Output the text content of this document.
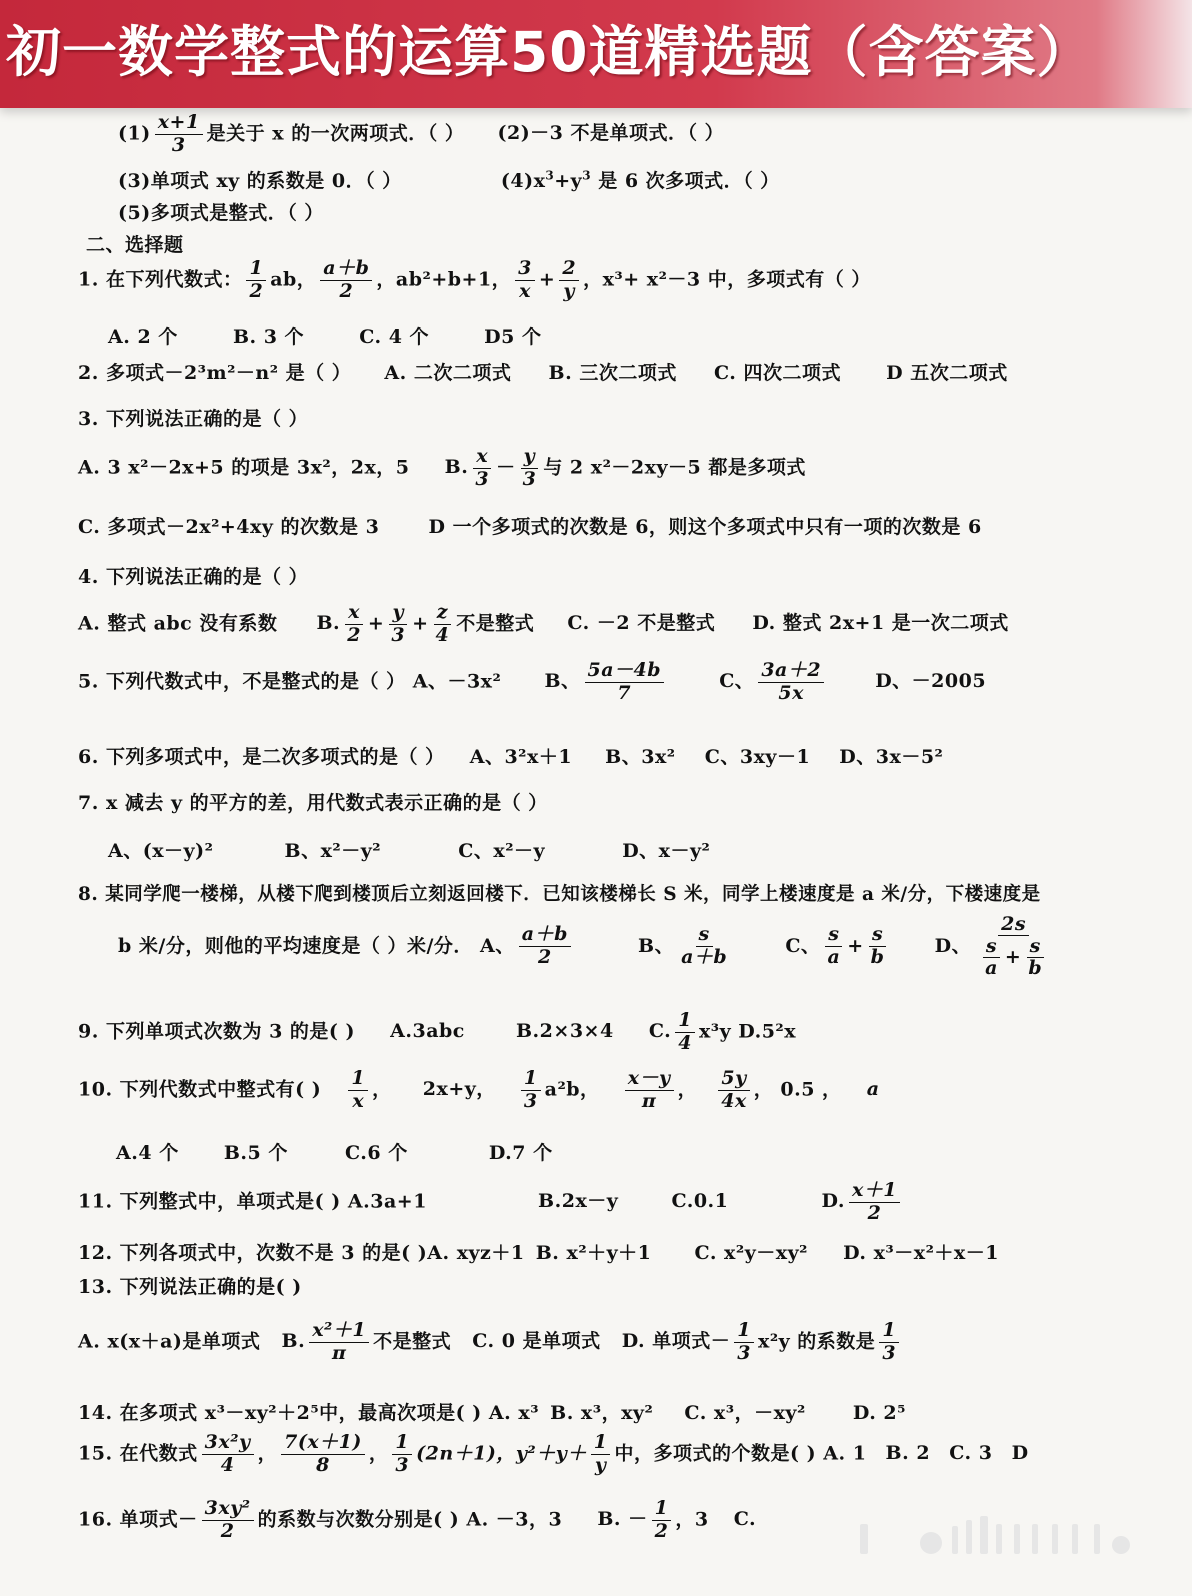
初一数学整式的运算50道精选题（含答案）
$(1) \frac{x+1}{3}$ 是关于 x 的一次两项式．（ ） (2)－3 不是单项式．（ ）
(3)单项式 xy 的系数是 0．（ ）	$(4)x^3+y^3$ 是 6 次多项式．（ ）
(5)多项式是整式．（ ）
二、选择题
1. 在下列代数式： $\frac{1}{2}$ ab， $\frac{a+b}{2}$ ，ab²+b+1， $\frac{3}{x} + \frac{2}{y}$ ，x³+ x²－3 中，多项式有（ ）
A. 2 个	B. 3 个	C. 4 个	D5 个
2. 多项式－2³m²－n² 是（ ） A. 二次二项式 B. 三次二项式 C. 四次二项式 D 五次二项式
3. 下列说法正确的是（ ）
A. 3 x²－2x+5 的项是 3x²，2x，5 B. $\frac{x}{3} - \frac{y}{3}$ 与 2 x²－2xy－5 都是多项式
C. 多项式－2x²+4xy 的次数是 3	D 一个多项式的次数是 6，则这个多项式中只有一项的次数是 6
4. 下列说法正确的是（ ）
A. 整式 abc 没有系数 B. $\frac{x}{2} + \frac{y}{3} + \frac{z}{4}$ 不是整式 C. －2 不是整式 D. 整式 2x+1 是一次二项式
5. 下列代数式中，不是整式的是（ ） A、－3x² B、 $\frac{5a-4b}{7}$	C、 $\frac{3a+2}{5x}$	D、－2005
6. 下列多项式中，是二次多项式的是（ ） A、3²x＋1 B、3x² C、3xy－1 D、3x－5²
7. x 减去 y 的平方的差，用代数式表示正确的是（ ）
A、(x－y)²	B、x²－y²	C、x²－y	D、x－y²
8. 某同学爬一楼梯，从楼下爬到楼顶后立刻返回楼下．已知该楼梯长 S 米，同学上楼速度是 a 米/分，下楼速度是
b 米/分，则他的平均速度是（ ）米/分． A、 $\frac{a+b}{2}$	B、 $\frac{s}{a+b}$	C、 $\frac{s}{a} + \frac{s}{b}$ D、 $\frac{2s}{\frac{s}{a} + \frac{s}{b}}$
9. 下列单项式次数为 3 的是( ) A.3abc	B.2×3×4 C. $\frac{1}{4} x^3y$ D.5²x
10. 下列代数式中整式有( ) $\frac{1}{x}$ ， 2x+y， $\frac{1}{3} a^2b$， $\frac{x-y}{\pi}$ ， $\frac{5y}{4x}$ ， 0.5 ， a
A.4 个 B.5 个	C.6 个	D.7 个
11. 下列整式中，单项式是( ) A.3a+1	B.2x－y	C.0.1	D. $\frac{x+1}{2}$
12. 下列各项式中，次数不是 3 的是( )A. xyz＋1 B. x²＋y＋1 C. x²y－xy² D. x³－x²＋x－1
13. 下列说法正确的是( )
A. x(x＋a)是单项式 B. $\frac{\text{x²＋1}}{\pi}$ 不是整式 C. 0 是单项式 D. 单项式－ $\frac{1}{3} x^2y$ 的系数是 $\frac{1}{3}$
14. 在多项式 x³－xy²＋2⁵中，最高次项是( ) A. x³ B. x³，xy² C. x³，－xy² D. 2⁵
15. 在代数式 $\frac{\text{3x²y}}{4}$ ， $\frac{7(x+1)}{8}$ ， $\frac{1}{3} (2n+1)$，$y^2+y+ \frac{1}{y}$ 中，多项式的个数是( ) A. 1 B. 2 C. 3 D
16. 单项式－ $\frac{\text{3xy²}}{2}$ 的系数与次数分别是( ) A. －3，3 B. － $\frac{1}{2}$ ，3 C.
